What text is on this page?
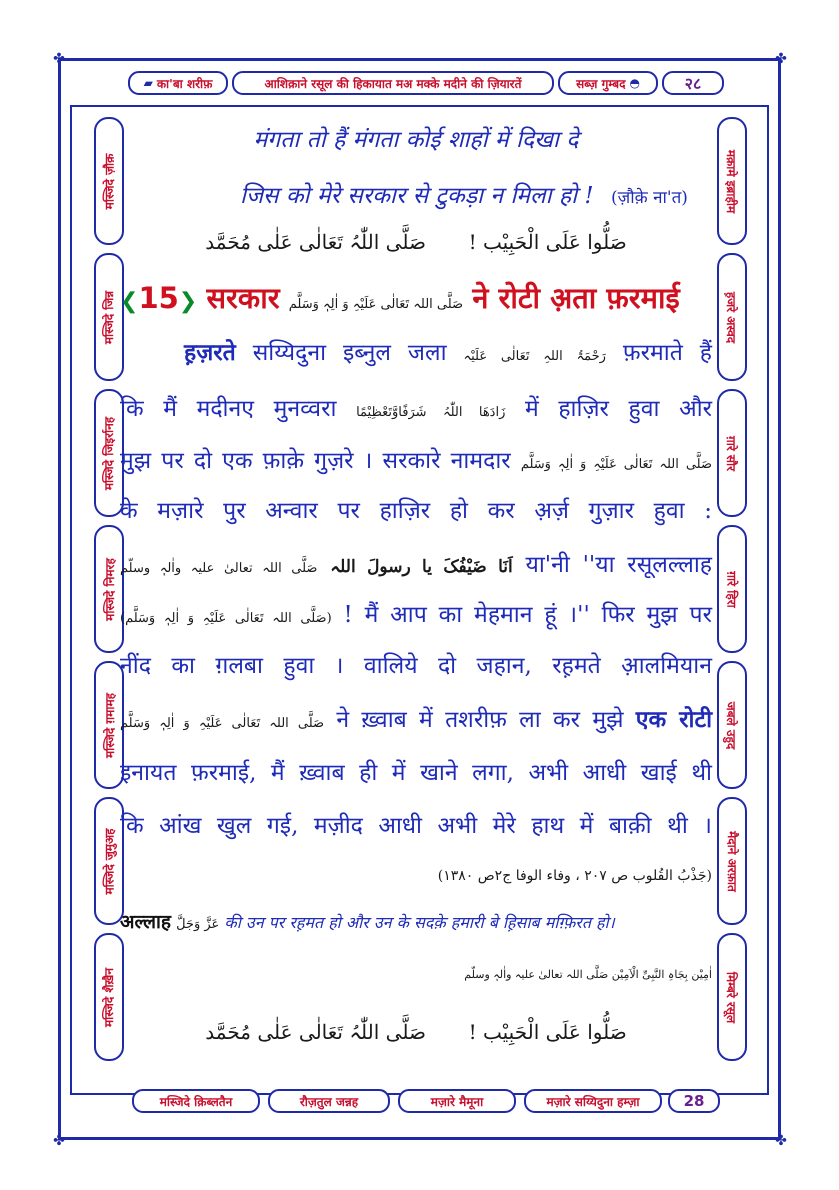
✤	✤
✤	✤
▰ का'बा शरीफ़	आशिक़ाने रसूल की हिकायात मअ मक्के मदीने की ज़ियारतें	सब्ज़ गुम्बद ◓	२८
मस्जिदे ज़ौक़
मस्जिदे जिन्न
मस्जिदे जिइर्रानह
मस्जिदे निमरह
मस्जिदे ग़मामह
मस्जिदे जुमुअह
मस्जिदे शैख़ैन
मक़ामे इब्राहीम
ह़जरे अस्वद
ग़ारे सौर
ग़ारे हिरा
जबले उहुद
मैदाने अरफ़ात
मिम्बरे रसूल
मंगता तो हैं मंगता कोई शाहों में दिखा दे
जिस को मेरे सरकार से टुकड़ा न मिला हो ! (ज़ौक़े ना'त)
صَلَّی اللّٰہُ تَعَالٰی عَلٰی مُحَمَّد صَلُّوا عَلَی الْحَبِیْب !
❮15❯ सरकार صَلَّی اللہ تَعَالٰی عَلَیْہِ وَ اٰلِہٖ وَسَلَّم ने रोटी अ़ता फ़रमाई
ह़ज़रते सय्यिदुना इब्नुल जला رَحْمَۃُ اللہِ تَعَالٰی عَلَیْہ फ़रमाते हैं
कि मैं मदीनए मुनव्वरा زَادَھَا اللّٰہُ شَرَفًاوَّتَعْظِیْمًا में हाज़िर हुवा और
मुझ पर दो एक फ़ाक़े गुज़रे । सरकारे नामदार صَلَّی اللہ تَعَالٰی عَلَیْہِ وَ اٰلِہٖ وَسَلَّم
के मज़ारे पुर अन्वार पर हाज़िर हो कर अ़र्ज़ गुज़ार हुवा :
صَلَّی اللہ تعالیٰ علیہ واٰلہٖ وسلّم اَنَا ضَیْفُکَ یا رسولَ اللہ या'नी ''या रसूलल्लाह
(صَلَّی اللہ تَعَالٰی عَلَیْہِ وَ اٰلِہٖ وَسَلَّم) ! मैं आप का मेहमान हूं ।'' फिर मुझ पर
नींद का ग़लबा हुवा । वालिये दो जहान, रह़मते आ़लमियान
صَلَّی اللہ تَعَالٰی عَلَیْہِ وَ اٰلِہٖ وَسَلَّم ने ख़्वाब में तशरीफ़ ला कर मुझे एक रोटी
इनायत फ़रमाई, मैं ख़्वाब ही में खाने लगा, अभी आधी खाई थी
कि आंख खुल गई, मज़ीद आधी अभी मेरे हाथ में बाक़ी थी ।
(جَذْبُ القُلوب ص ۲۰۷ ، وفاء الوفا ج۲ص ۱۳۸۰)
अल्लाह عَزَّ وَجَلَّ की उन पर रह़मत हो और उन के सदक़े हमारी बे ह़िसाब मग़्फ़िरत हो।
اٰمِیْن بِجَاہِ النَّبِیِّ الْاَمِیْن صَلَّی اللہ تعالیٰ علیہ واٰلہٖ وسلّم
صَلَّی اللّٰہُ تَعَالٰی عَلٰی مُحَمَّد صَلُّوا عَلَی الْحَبِیْب !
मस्जिदे क़िब्लतैन	रौज़तुल जन्नह	मज़ारे मैमूना	मज़ारे सय्यिदुना हम्ज़ा	28
